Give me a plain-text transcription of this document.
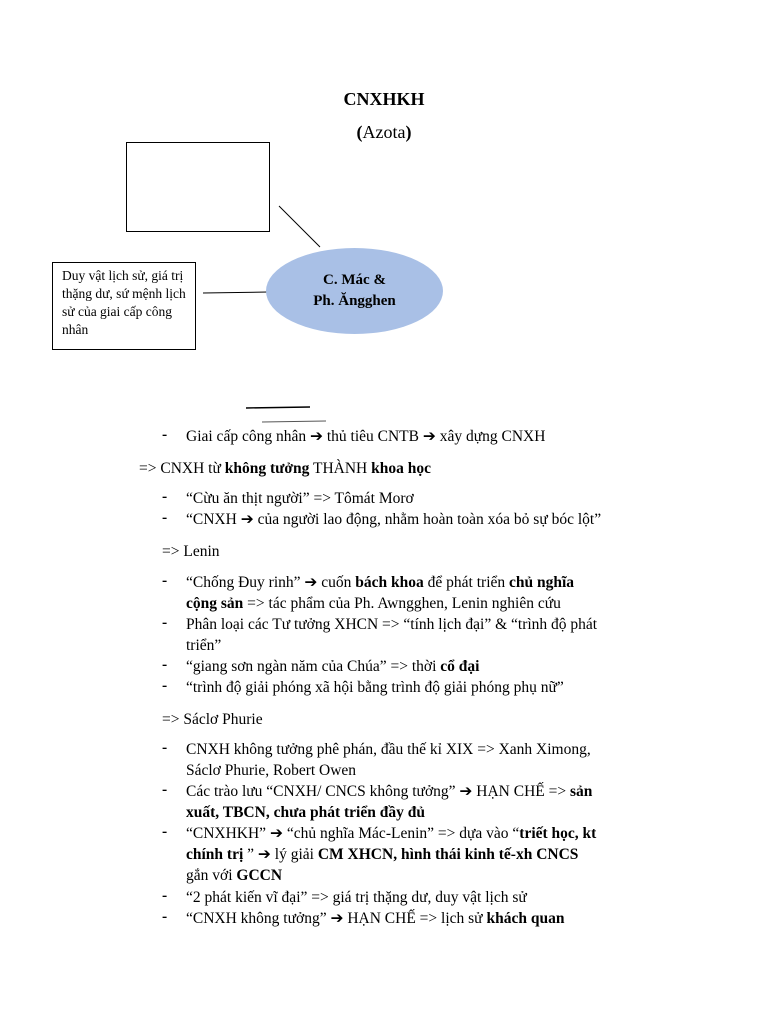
CNXHKH
(Azota)
Duy vật lịch sử, giá trị thặng dư, sứ mệnh lịch sử của giai cấp công nhân
C. Mác &
Ph. Ăngghen
-
-
-
-
-
-
-
-
-
-
-
-
Giai cấp công nhân ➔ thủ tiêu CNTB ➔ xây dựng CNXH
=> CNXH từ không tưởng THÀNH khoa học
“Cừu ăn thịt người” => Tômát Morơ
“CNXH ➔ của người lao động, nhằm hoàn toàn xóa bỏ sự bóc lột”
=> Lenin
“Chống Đuy rinh” ➔ cuốn bách khoa để phát triển chủ nghĩa
cộng sản => tác phẩm của Ph. Awngghen, Lenin nghiên cứu
Phân loại các Tư tưởng XHCN => “tính lịch đại” & “trình độ phát
triển”
“giang sơn ngàn năm của Chúa” => thời cổ đại
“trình độ giải phóng xã hội bằng trình độ giải phóng phụ nữ”
=> Sáclơ Phurie
CNXH không tưởng phê phán, đầu thế kỉ XIX => Xanh Ximong,
Sáclơ Phurie, Robert Owen
Các trào lưu “CNXH/ CNCS không tưởng” ➔ HẠN CHẾ => sản
xuất, TBCN, chưa phát triển đầy đủ
“CNXHKH” ➔ “chủ nghĩa Mác-Lenin” => dựa vào “triết học, kt
chính trị ” ➔ lý giải CM XHCN, hình thái kinh tế-xh CNCS
gắn với GCCN
“2 phát kiến vĩ đại” => giá trị thặng dư, duy vật lịch sử
“CNXH không tưởng” ➔ HẠN CHẾ => lịch sử khách quan
